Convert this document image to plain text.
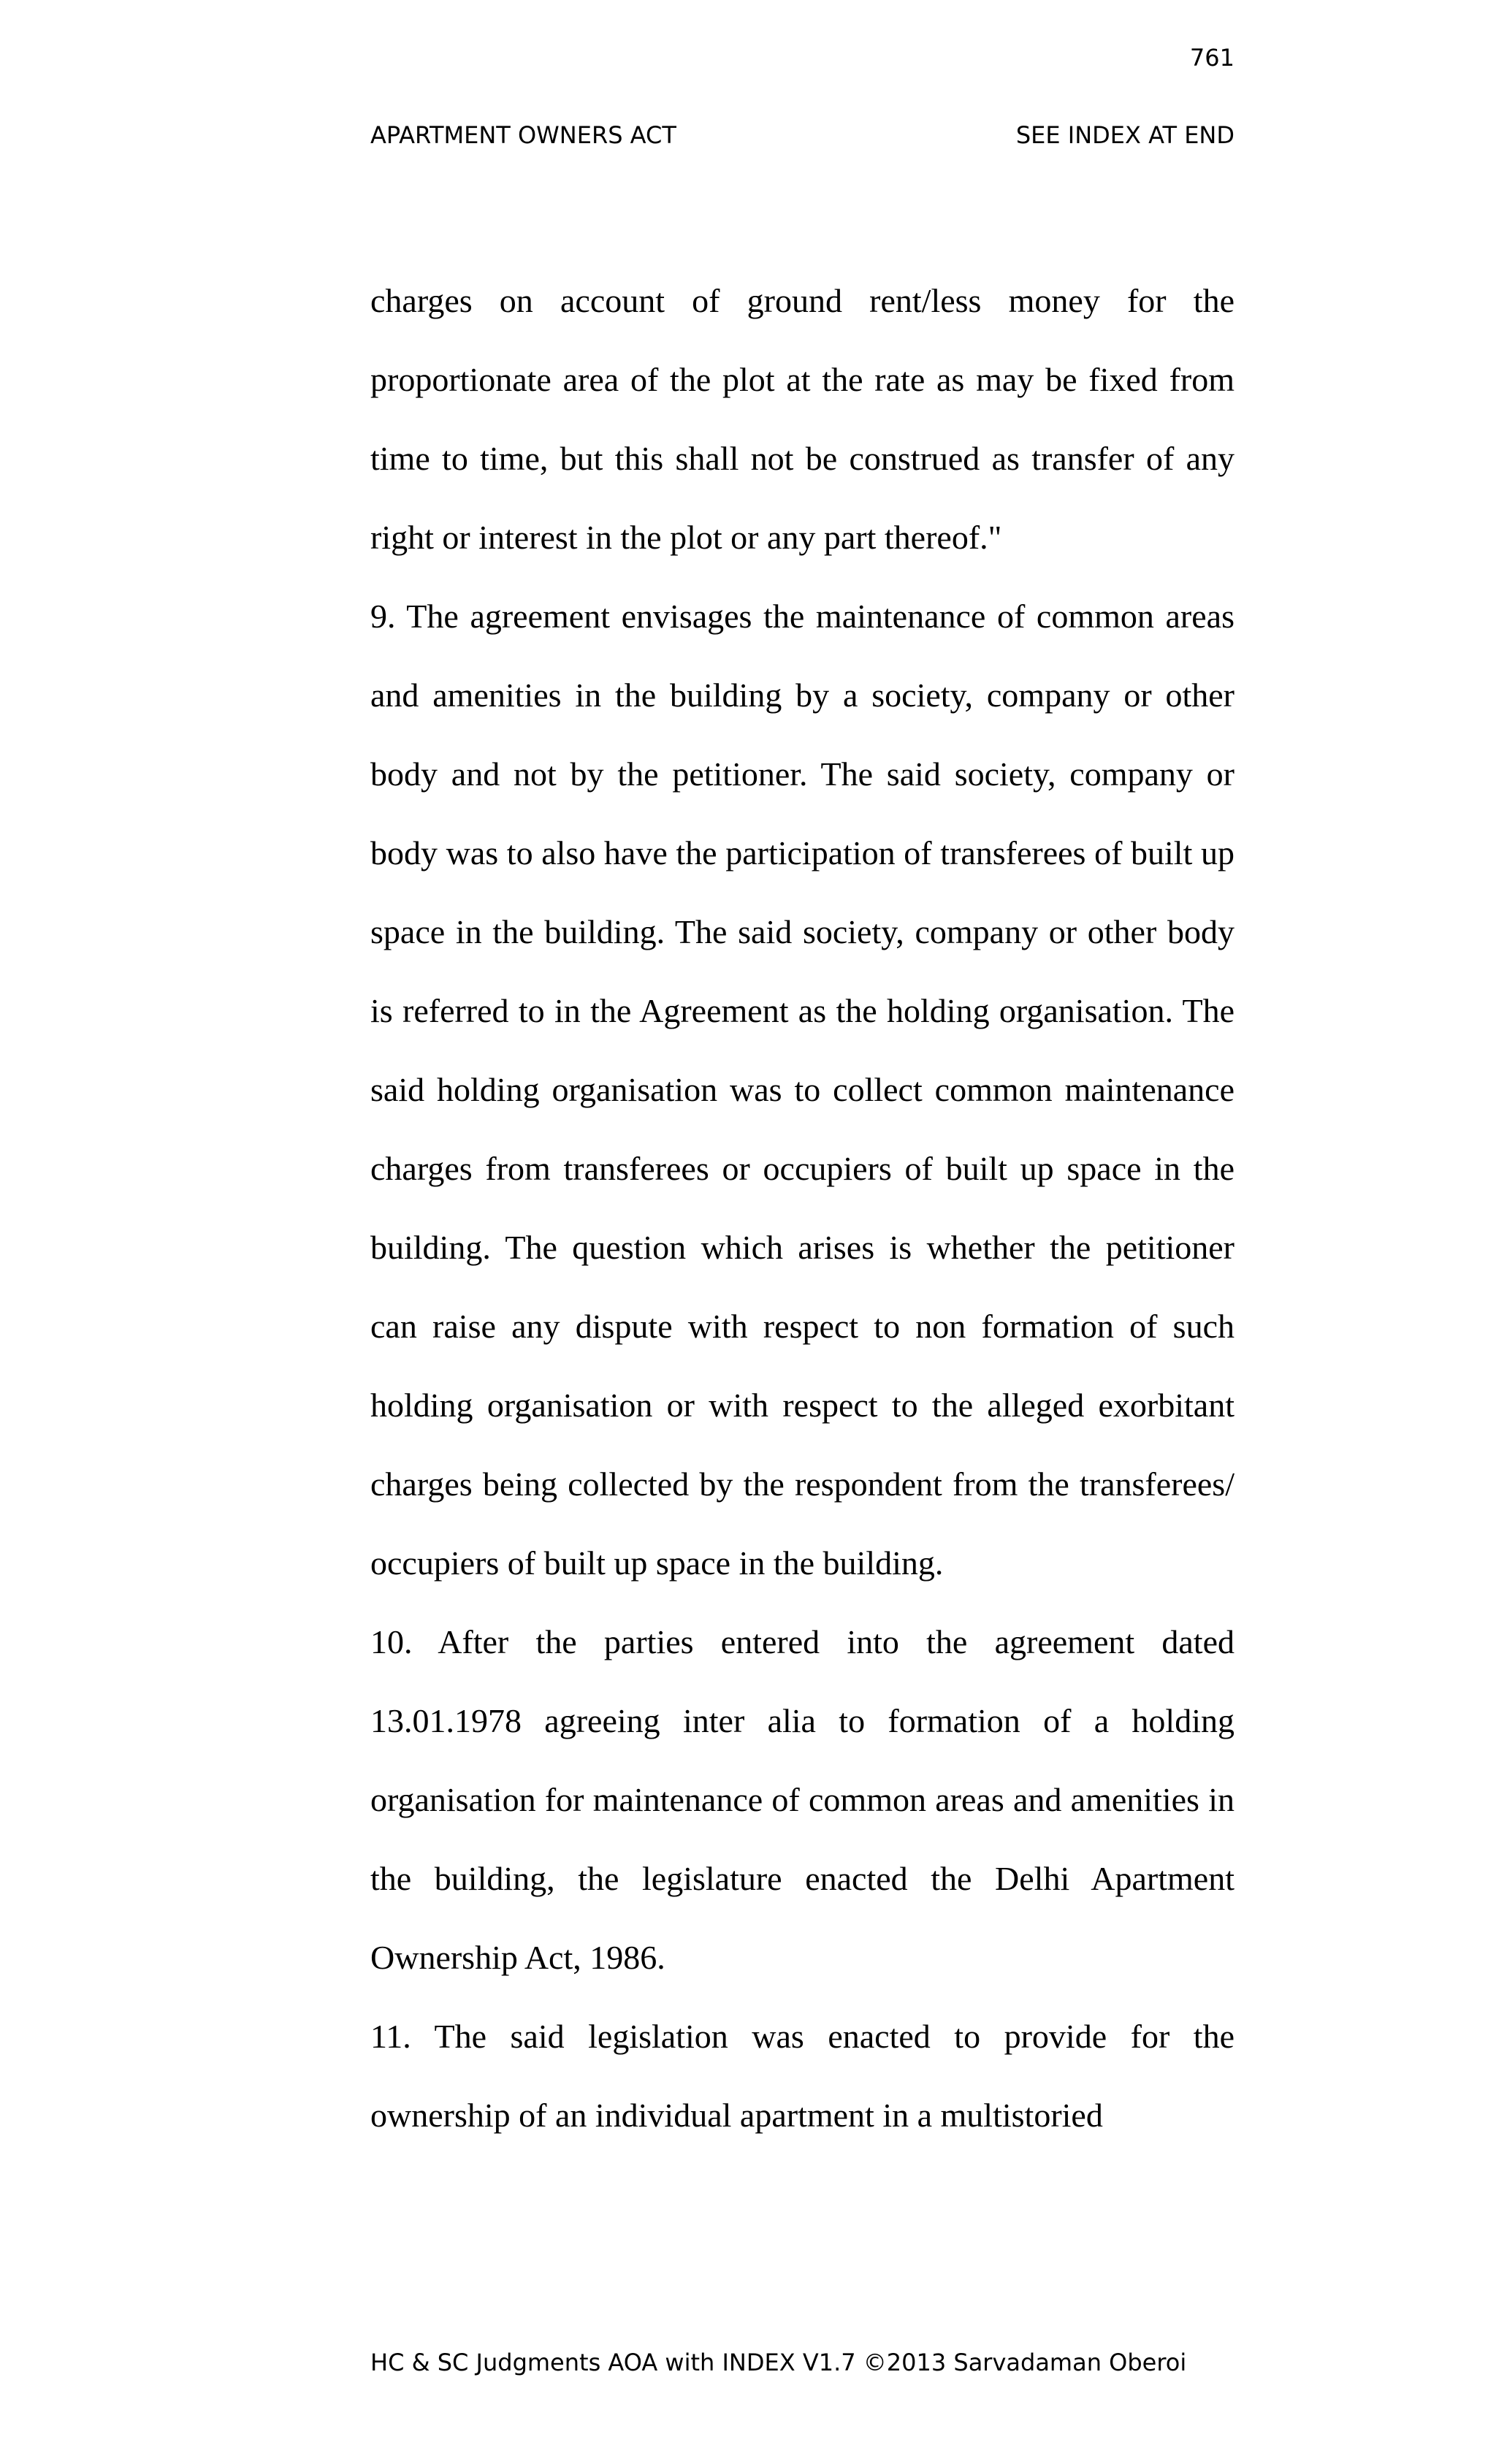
761
APARTMENT OWNERS ACT	SEE INDEX AT END

charges on account of ground rent/less money for the proportionate area of the plot at the rate as may be fixed from time to time, but this shall not be construed as transfer of any right or interest in the plot or any part thereof."

9. The agreement envisages the maintenance of common areas and amenities in the building by a society, company or other body and not by the petitioner. The said society, company or body was to also have the participation of transferees of built up space in the building. The said society, company or other body is referred to in the Agreement as the holding organisation. The said holding organisation was to collect common maintenance charges from transferees or occupiers of built up space in the building. The question which arises is whether the petitioner can raise any dispute with respect to non formation of such holding organisation or with respect to the alleged exorbitant charges being collected by the respondent from the transferees/ occupiers of built up space in the building.

10. After the parties entered into the agreement dated 13.01.1978 agreeing inter alia to formation of a holding organisation for maintenance of common areas and amenities in the building, the legislature enacted the Delhi Apartment Ownership Act, 1986.

11. The said legislation was enacted to provide for the ownership of an individual apartment in a multistoried

HC & SC Judgments AOA with INDEX V1.7 ©2013 Sarvadaman Oberoi
